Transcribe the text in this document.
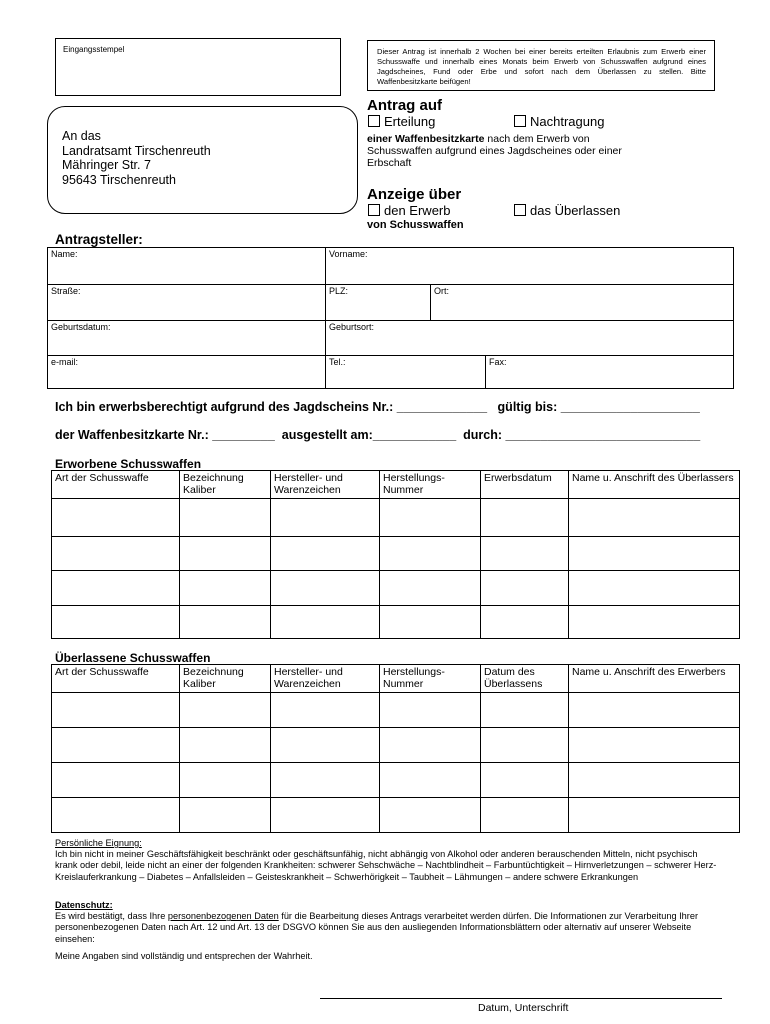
Eingangsstempel	Dieser Antrag ist innerhalb 2 Wochen bei einer bereits erteilten Erlaubnis zum Erwerb einer Schusswaffe und innerhalb eines Monats beim Erwerb von Schusswaffen aufgrund eines Jagdscheines, Fund oder Erbe und sofort nach dem Überlassen zu stellen. Bitte Waffenbesitzkarte beifügen!
An das
Landratsamt Tirschenreuth
Mähringer Str. 7
95643 Tirschenreuth
Antrag auf
Erteilung	Nachtragung
einer Waffenbesitzkarte nach dem Erwerb von Schusswaffen aufgrund eines Jagdscheines oder einer Erbschaft
Anzeige über
den Erwerb	das Überlassen
von Schusswaffen
Antragsteller:
Name:	Vorname:		
Straße:	PLZ:	Ort:	
Geburtsdatum:	Geburtsort:		
e-mail:	Tel.:		Fax:
Ich bin erwerbsberechtigt aufgrund des Jagdscheins Nr.: _____________ gültig bis: ____________________
der Waffenbesitzkarte Nr.: _________ ausgestellt am:____________ durch: ____________________________
Erworbene Schusswaffen
Art der Schusswaffe	Bezeichnung Kaliber	Hersteller- und Warenzeichen	Herstellungs-Nummer	Erwerbsdatum	Name u. Anschrift des Überlassers

Überlassene Schusswaffen
Art der Schusswaffe	Bezeichnung Kaliber	Hersteller- und Warenzeichen	Herstellungs-Nummer	Datum des Überlassens	Name u. Anschrift des Erwerbers

Persönliche Eignung:
Ich bin nicht in meiner Geschäftsfähigkeit beschränkt oder geschäftsunfähig, nicht abhängig von Alkohol oder anderen berauschenden Mitteln, nicht psychisch krank oder debil, leide nicht an einer der folgenden Krankheiten: schwerer Sehschwäche – Nachtblindheit – Farbuntüchtigkeit – Hirnverletzungen – schwerer Herz-Kreislauferkrankung – Diabetes – Anfallsleiden – Geisteskrankheit – Schwerhörigkeit – Taubheit – Lähmungen – andere schwere Erkrankungen
Datenschutz:
Es wird bestätigt, dass Ihre personenbezogenen Daten für die Bearbeitung dieses Antrags verarbeitet werden dürfen. Die Informationen zur Verarbeitung Ihrer personenbezogenen Daten nach Art. 12 und Art. 13 der DSGVO können Sie aus den ausliegenden Informationsblättern oder alternativ auf unserer Webseite einsehen:
Meine Angaben sind vollständig und entsprechen der Wahrheit.
Datum, Unterschrift
